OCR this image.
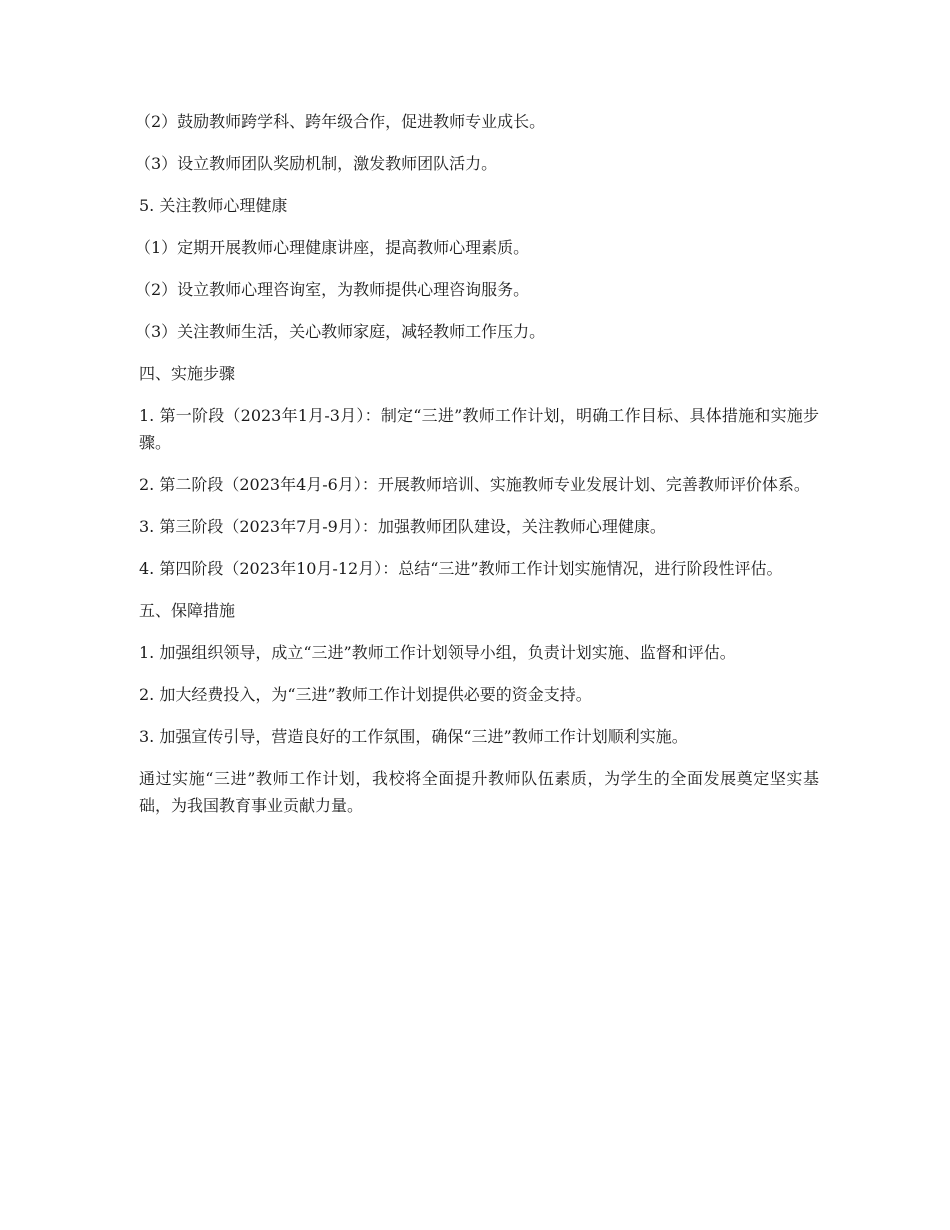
（2）鼓励教师跨学科、跨年级合作，促进教师专业成长。

（3）设立教师团队奖励机制，激发教师团队活力。

5. 关注教师心理健康

（1）定期开展教师心理健康讲座，提高教师心理素质。

（2）设立教师心理咨询室，为教师提供心理咨询服务。

（3）关注教师生活，关心教师家庭，减轻教师工作压力。

四、实施步骤

1. 第一阶段（2023年1月-3月）：制定“三进”教师工作计划，明确工作目标、具体措施和实施步骤。

2. 第二阶段（2023年4月-6月）：开展教师培训、实施教师专业发展计划、完善教师评价体系。

3. 第三阶段（2023年7月-9月）：加强教师团队建设，关注教师心理健康。

4. 第四阶段（2023年10月-12月）：总结“三进”教师工作计划实施情况，进行阶段性评估。

五、保障措施

1. 加强组织领导，成立“三进”教师工作计划领导小组，负责计划实施、监督和评估。

2. 加大经费投入，为“三进”教师工作计划提供必要的资金支持。

3. 加强宣传引导，营造良好的工作氛围，确保“三进”教师工作计划顺利实施。

通过实施“三进”教师工作计划，我校将全面提升教师队伍素质，为学生的全面发展奠定坚实基础，为我国教育事业贡献力量。
